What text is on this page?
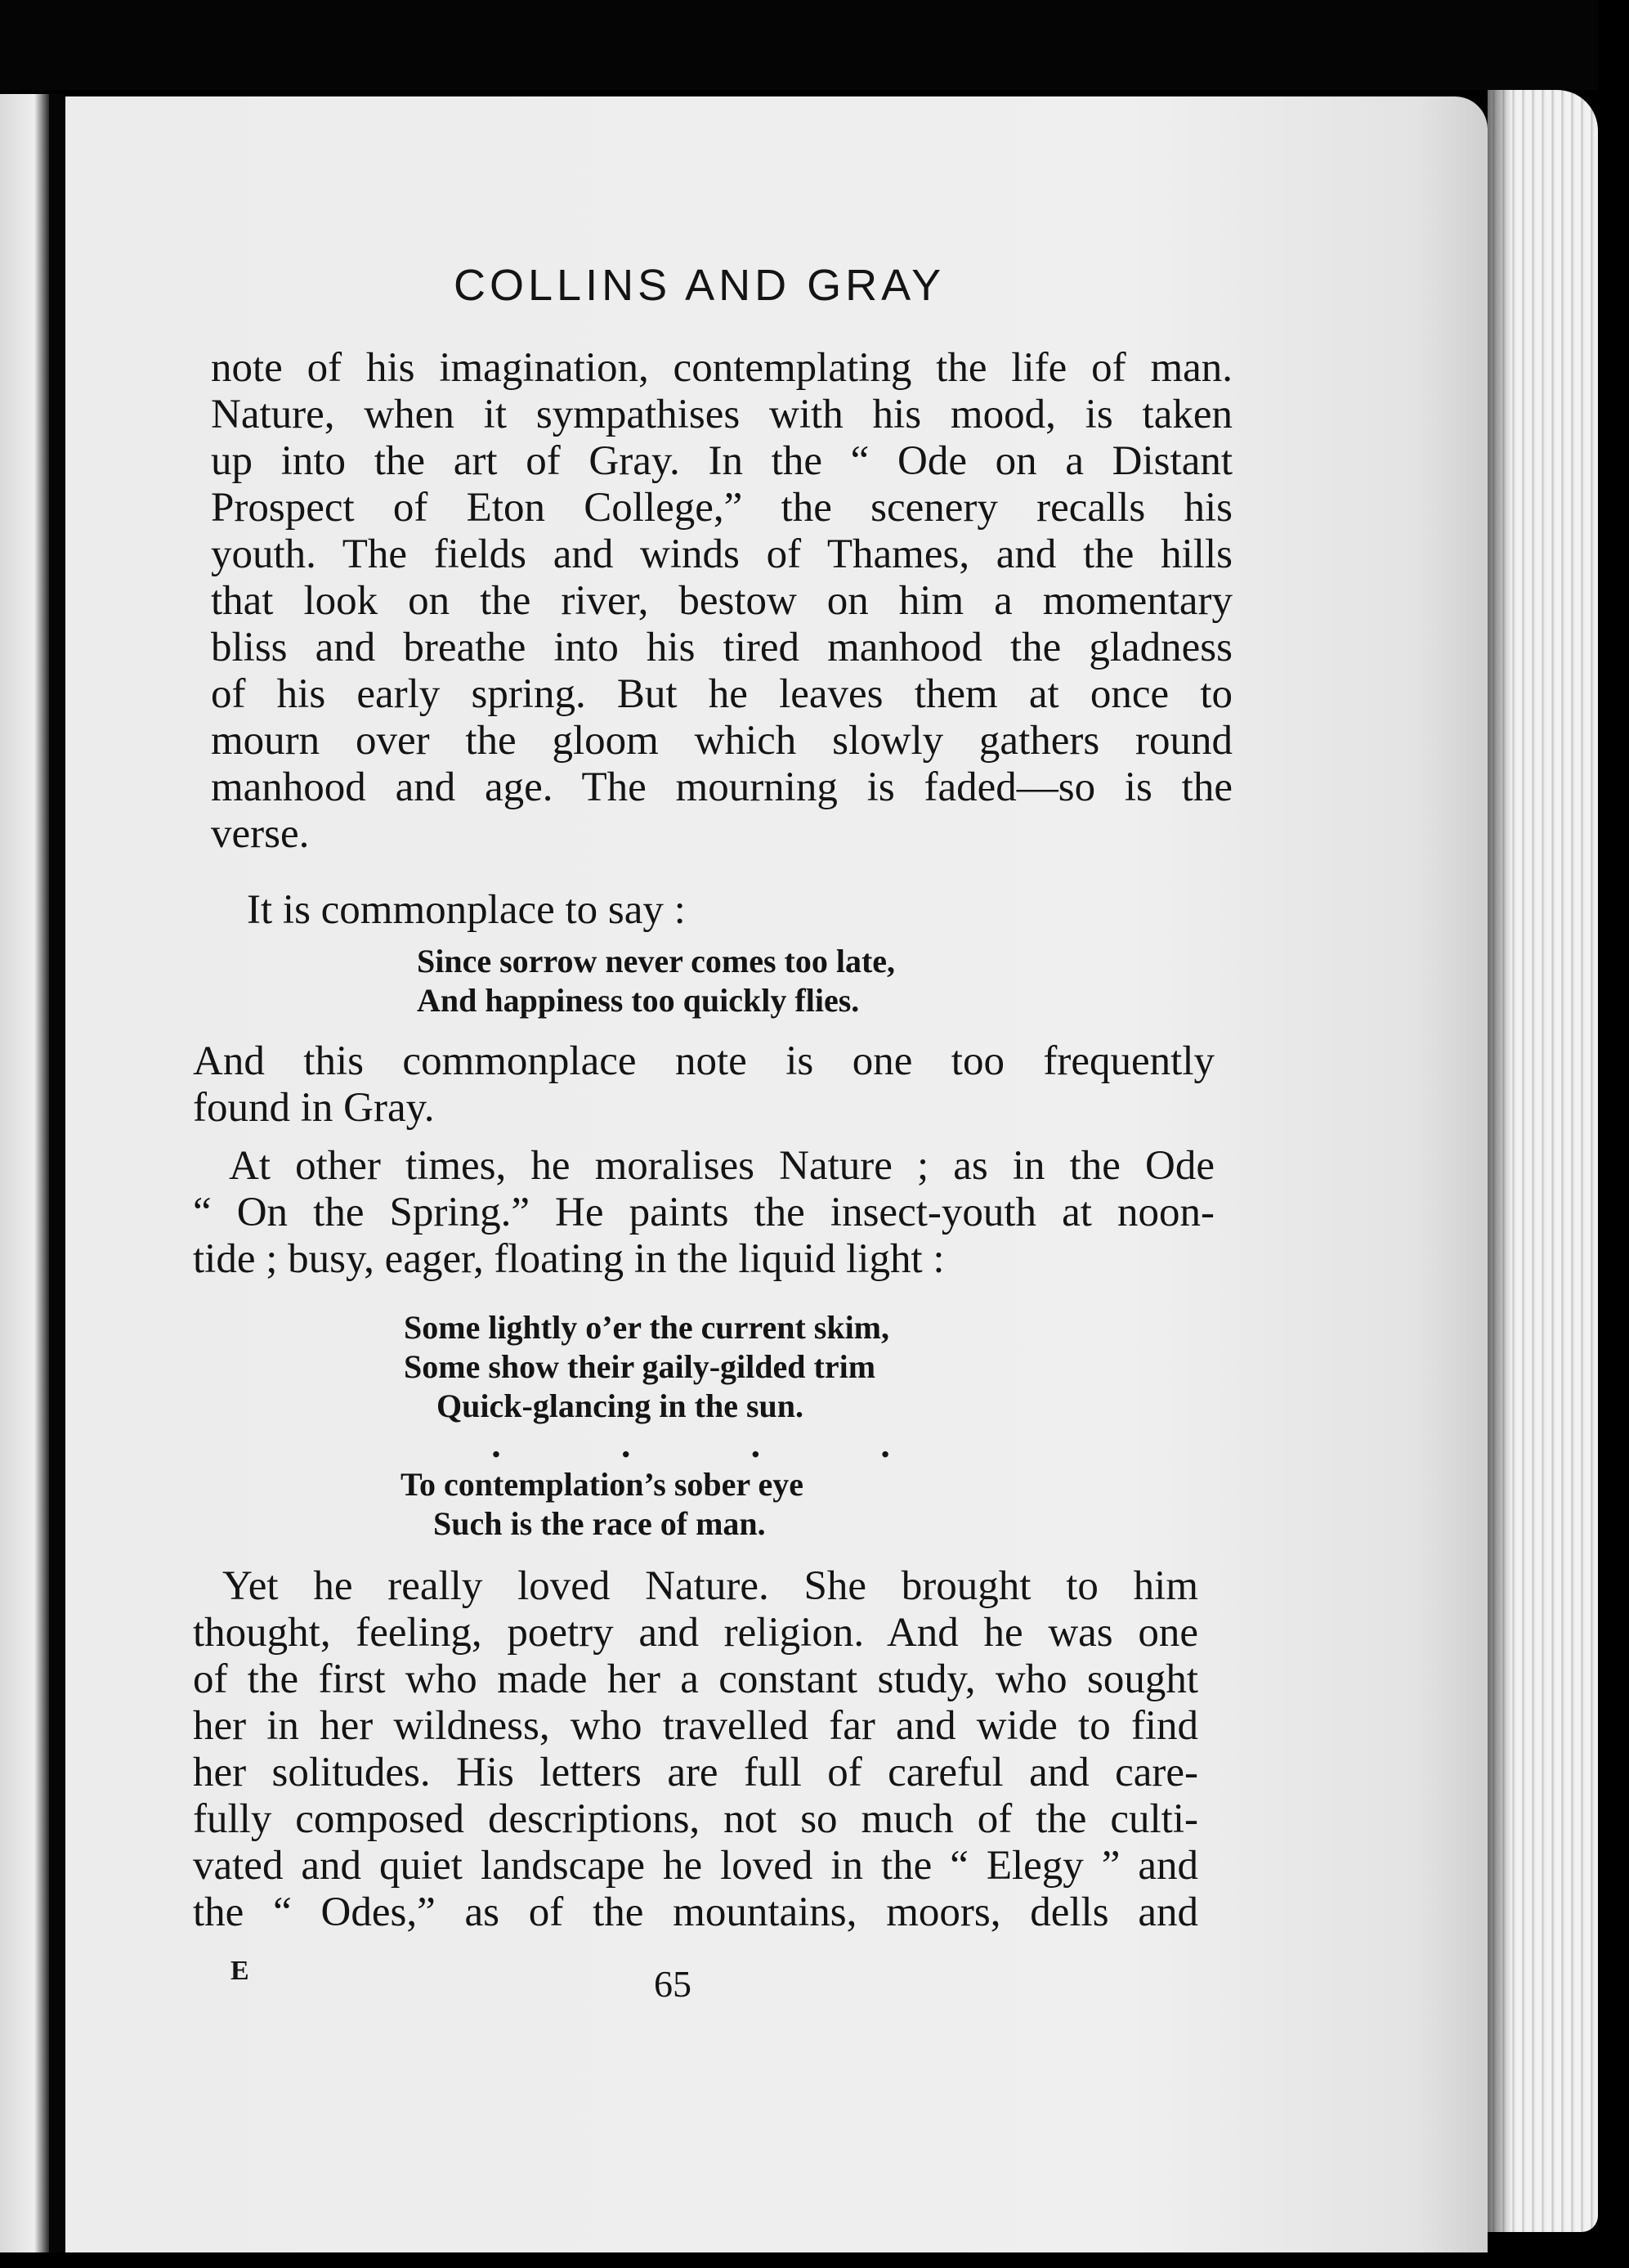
COLLINS AND GRAY
note of his imagination, contemplating the life of man.
Nature, when it sympathises with his mood, is taken
up into the art of Gray. In the “ Ode on a Distant
Prospect of Eton College,” the scenery recalls his
youth. The fields and winds of Thames, and the hills
that look on the river, bestow on him a momentary
bliss and breathe into his tired manhood the gladness
of his early spring. But he leaves them at once to
mourn over the gloom which slowly gathers round
manhood and age. The mourning is faded—so is the
verse.
It is commonplace to say :
Since sorrow never comes too late,
And happiness too quickly flies.
And this commonplace note is one too frequently
found in Gray.
At other times, he moralises Nature ; as in the Ode
“ On the Spring.” He paints the insect-youth at noon-
tide ; busy, eager, floating in the liquid light :
Some lightly o’er the current skim,
Some show their gaily-gilded trim
Quick-glancing in the sun.
.	.	.	.
To contemplation’s sober eye
Such is the race of man.
Yet he really loved Nature. She brought to him
thought, feeling, poetry and religion. And he was one
of the first who made her a constant study, who sought
her in her wildness, who travelled far and wide to find
her solitudes. His letters are full of careful and care-
fully composed descriptions, not so much of the culti-
vated and quiet landscape he loved in the “ Elegy ” and
the “ Odes,” as of the mountains, moors, dells and
E	65
